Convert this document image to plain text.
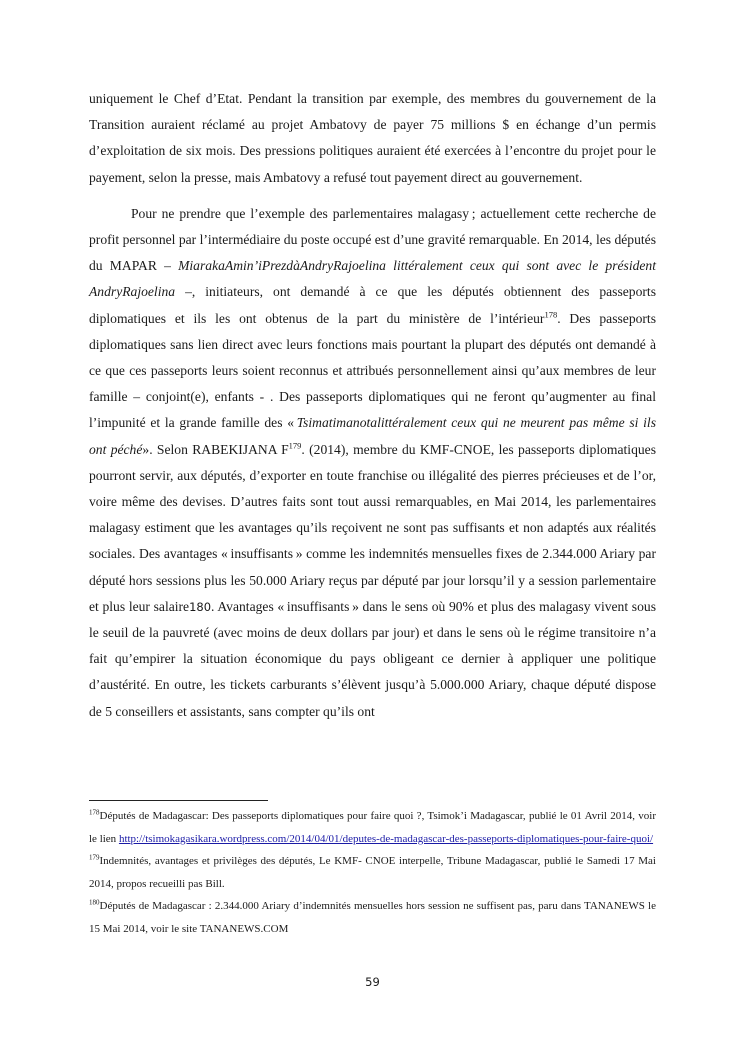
uniquement le Chef d’Etat. Pendant la transition par exemple, des membres du gouvernement de la Transition auraient réclamé au projet Ambatovy de payer 75 millions $ en échange d’un permis d’exploitation de six mois. Des pressions politiques auraient été exercées à l’encontre du projet pour le payement, selon la presse, mais Ambatovy a refusé tout payement direct au gouvernement.

Pour ne prendre que l’exemple des parlementaires malagasy ; actuellement cette recherche de profit personnel par l’intermédiaire du poste occupé est d’une gravité remarquable. En 2014, les députés du MAPAR – MiarakaAmin’iPrezdàAndryRajoelina littéralement ceux qui sont avec le président AndryRajoelina –, initiateurs, ont demandé à ce que les députés obtiennent des passeports diplomatiques et ils les ont obtenus de la part du ministère de l’intérieur$^{178}$. Des passeports diplomatiques sans lien direct avec leurs fonctions mais pourtant la plupart des députés ont demandé à ce que ces passeports leurs soient reconnus et attribués personnellement ainsi qu’aux membres de leur famille – conjoint(e), enfants - . Des passeports diplomatiques qui ne feront qu’augmenter au final l’impunité et la grande famille des « Tsimatimanotalittéralement ceux qui ne meurent pas même si ils ont péché». Selon RABEKIJANA $F^{179}$. (2014), membre du KMF-CNOE, les passeports diplomatiques pourront servir, aux députés, d’exporter en toute franchise ou illégalité des pierres précieuses et de l’or, voire même des devises. D’autres faits sont tout aussi remarquables, en Mai 2014, les parlementaires malagasy estiment que les avantages qu’ils reçoivent ne sont pas suffisants et non adaptés aux réalités sociales. Des avantages « insuffisants » comme les indemnités mensuelles fixes de 2.344.000 Ariary par député hors sessions plus les 50.000 Ariary reçus par député par jour lorsqu’il y a session parlementaire et plus leur salaire180. Avantages « insuffisants » dans le sens où 90% et plus des malagasy vivent sous le seuil de la pauvreté (avec moins de deux dollars par jour) et dans le sens où le régime transitoire n’a fait qu’empirer la situation économique du pays obligeant ce dernier à appliquer une politique d’austérité. En outre, les tickets carburants s’élèvent jusqu’à 5.000.000 Ariary, chaque député dispose de 5 conseillers et assistants, sans compter qu’ils ont

$^{178}$Députés de Madagascar: Des passeports diplomatiques pour faire quoi ?, Tsimok’i Madagascar, publié le 01 Avril 2014, voir le lien http://tsimokagasikara.wordpress.com/2014/04/01/deputes-de-madagascar-des-passeports-diplomatiques-pour-faire-quoi/

$^{179}$Indemnités, avantages et privilèges des députés, Le KMF- CNOE interpelle, Tribune Madagascar, publié le Samedi 17 Mai 2014, propos recueilli pas Bill.

$^{180}$Députés de Madagascar : 2.344.000 Ariary d’indemnités mensuelles hors session ne suffisent pas, paru dans TANANEWS le 15 Mai 2014, voir le site TANANEWS.COM

59
